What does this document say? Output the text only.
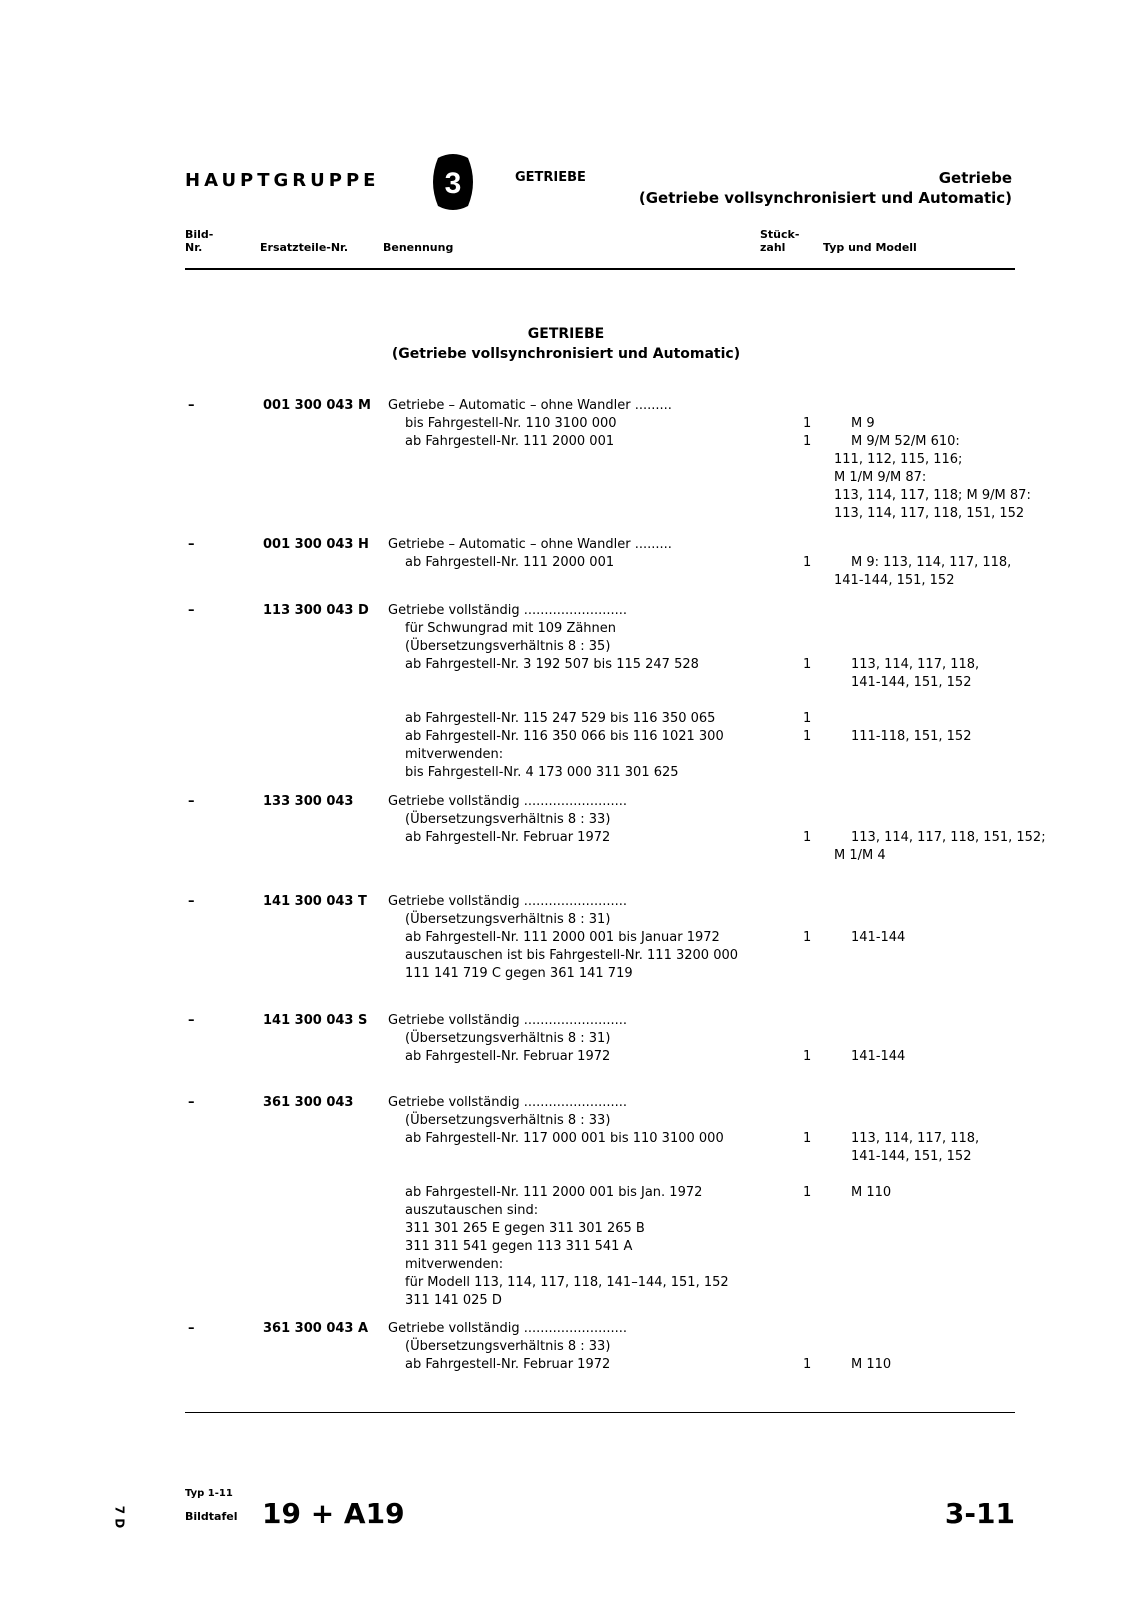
HAUPTGRUPPE 3	GETRIEBE	Getriebe
(Getriebe vollsynchronisiert und Automatic)
Bild-
Nr.	Ersatzteile-Nr.	Benennung
Stück-
zahl	Typ und Modell
GETRIEBE
(Getriebe vollsynchronisiert und Automatic)
–	001 300 043 M Getriebe – Automatic – ohne Wandler .........
bis Fahrgestell-Nr. 110 3100 000	1	M 9
ab Fahrgestell-Nr. 111 2000 001	1	M 9/M 52/M 610:
111, 112, 115, 116;
M 1/M 9/M 87:
113, 114, 117, 118; M 9/M 87:
113, 114, 117, 118, 151, 152
–	001 300 043 H Getriebe – Automatic – ohne Wandler .........
ab Fahrgestell-Nr. 111 2000 001	1	M 9: 113, 114, 117, 118,
141-144, 151, 152
–	113 300 043 D Getriebe vollständig .........................
für Schwungrad mit 109 Zähnen
(Übersetzungsverhältnis 8 : 35)
ab Fahrgestell-Nr. 3 192 507 bis 115 247 528	1	113, 114, 117, 118,
141-144, 151, 152
ab Fahrgestell-Nr. 115 247 529 bis 116 350 065	1
ab Fahrgestell-Nr. 116 350 066 bis 116 1021 300	1	111-118, 151, 152
mitverwenden:
bis Fahrgestell-Nr. 4 173 000 311 301 625
–	133 300 043	Getriebe vollständig .........................
(Übersetzungsverhältnis 8 : 33)
ab Fahrgestell-Nr. Februar 1972	1	113, 114, 117, 118, 151, 152;
M 1/M 4
–	141 300 043 T Getriebe vollständig .........................
(Übersetzungsverhältnis 8 : 31)
ab Fahrgestell-Nr. 111 2000 001 bis Januar 1972	1	141-144
auszutauschen ist bis Fahrgestell-Nr. 111 3200 000
111 141 719 C gegen 361 141 719
–	141 300 043 S Getriebe vollständig .........................
(Übersetzungsverhältnis 8 : 31)
ab Fahrgestell-Nr. Februar 1972	1	141-144
–	361 300 043	Getriebe vollständig .........................
(Übersetzungsverhältnis 8 : 33)
ab Fahrgestell-Nr. 117 000 001 bis 110 3100 000	1	113, 114, 117, 118,
141-144, 151, 152
ab Fahrgestell-Nr. 111 2000 001 bis Jan. 1972	1	M 110
auszutauschen sind:
311 301 265 E gegen 311 301 265 B
311 311 541 gegen 113 311 541 A
mitverwenden:
für Modell 113, 114, 117, 118, 141–144, 151, 152
311 141 025 D
–	361 300 043 A Getriebe vollständig .........................
(Übersetzungsverhältnis 8 : 33)
ab Fahrgestell-Nr. Februar 1972	1	M 110
Typ 1-11
Bildtafel 19 + A19	3-11
7 D
